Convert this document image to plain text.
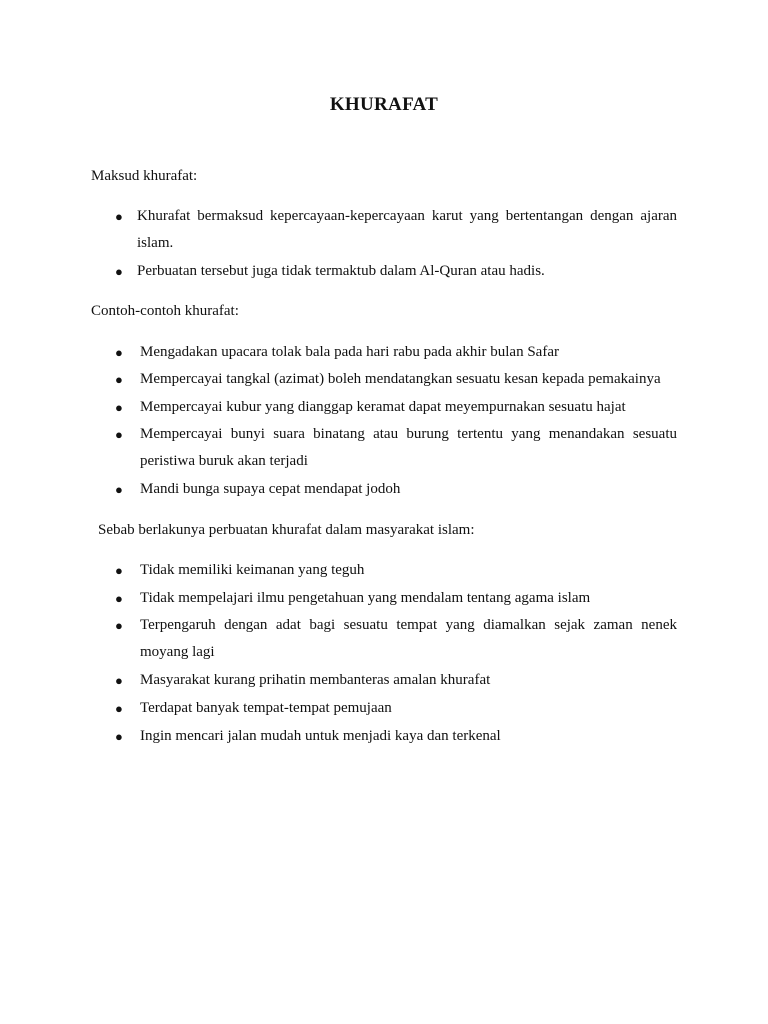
KHURAFAT
Maksud khurafat:
● Khurafat bermaksud kepercayaan-kepercayaan karut yang bertentangan dengan ajaran islam.
● Perbuatan tersebut juga tidak termaktub dalam Al-Quran atau hadis.
Contoh-contoh khurafat:
● Mengadakan upacara tolak bala pada hari rabu pada akhir bulan Safar
● Mempercayai tangkal (azimat) boleh mendatangkan sesuatu kesan kepada pemakainya
● Mempercayai kubur yang dianggap keramat dapat meyempurnakan sesuatu hajat
● Mempercayai bunyi suara binatang atau burung tertentu yang menandakan sesuatu peristiwa buruk akan terjadi
● Mandi bunga supaya cepat mendapat jodoh
Sebab berlakunya perbuatan khurafat dalam masyarakat islam:
● Tidak memiliki keimanan yang teguh
● Tidak mempelajari ilmu pengetahuan yang mendalam tentang agama islam
● Terpengaruh dengan adat bagi sesuatu tempat yang diamalkan sejak zaman nenek moyang lagi
● Masyarakat kurang prihatin membanteras amalan khurafat
● Terdapat banyak tempat-tempat pemujaan
● Ingin mencari jalan mudah untuk menjadi kaya dan terkenal
